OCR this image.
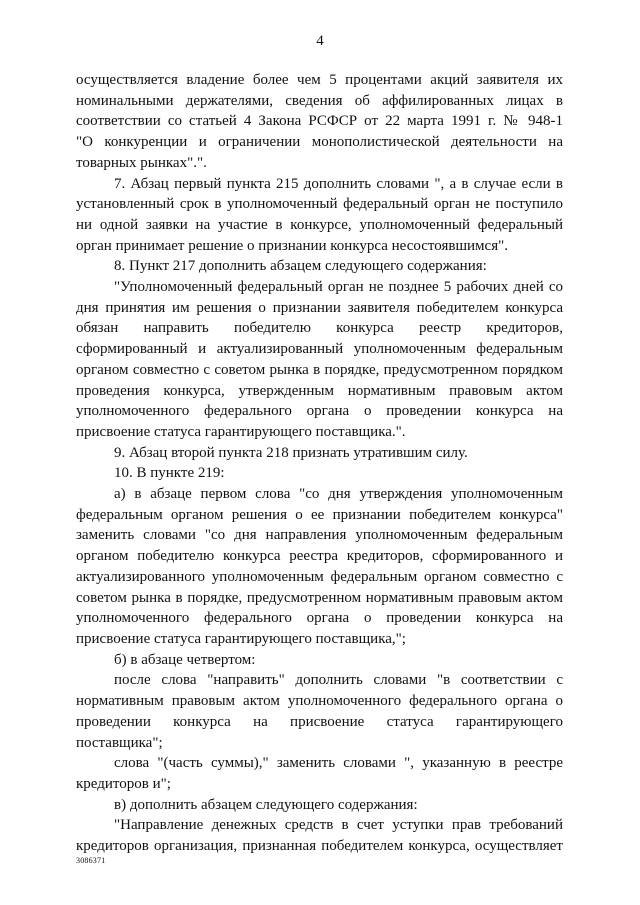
4

осуществляется владение более чем 5 процентами акций заявителя их

номинальными держателями, сведения об аффилированных лицах в

соответствии со статьей 4 Закона РСФСР от 22 марта 1991 г. № 948-1

"О конкуренции и ограничении монополистической деятельности на

товарных рынках".".

7. Абзац первый пункта 215 дополнить словами ", а в случае если в

установленный срок в уполномоченный федеральный орган не поступило

ни одной заявки на участие в конкурсе, уполномоченный федеральный

орган принимает решение о признании конкурса несостоявшимся".

8. Пункт 217 дополнить абзацем следующего содержания:

"Уполномоченный федеральный орган не позднее 5 рабочих дней со

дня принятия им решения о признании заявителя победителем конкурса

обязан направить победителю конкурса реестр кредиторов,

сформированный и актуализированный уполномоченным федеральным

органом совместно с советом рынка в порядке, предусмотренном порядком

проведения конкурса, утвержденным нормативным правовым актом

уполномоченного федерального органа о проведении конкурса на

присвоение статуса гарантирующего поставщика.".

9. Абзац второй пункта 218 признать утратившим силу.

10. В пункте 219:

а) в абзаце первом слова "со дня утверждения уполномоченным

федеральным органом решения о ее признании победителем конкурса"

заменить словами "со дня направления уполномоченным федеральным

органом победителю конкурса реестра кредиторов, сформированного и

актуализированного уполномоченным федеральным органом совместно с

советом рынка в порядке, предусмотренном нормативным правовым актом

уполномоченного федерального органа о проведении конкурса на

присвоение статуса гарантирующего поставщика,";

б) в абзаце четвертом:

после слова "направить" дополнить словами "в соответствии с

нормативным правовым актом уполномоченного федерального органа о

проведении конкурса на присвоение статуса гарантирующего

поставщика";

слова "(часть суммы)," заменить словами ", указанную в реестре

кредиторов и";

в) дополнить абзацем следующего содержания:

"Направление денежных средств в счет уступки прав требований

кредиторов организация, признанная победителем конкурса, осуществляет

3086371
